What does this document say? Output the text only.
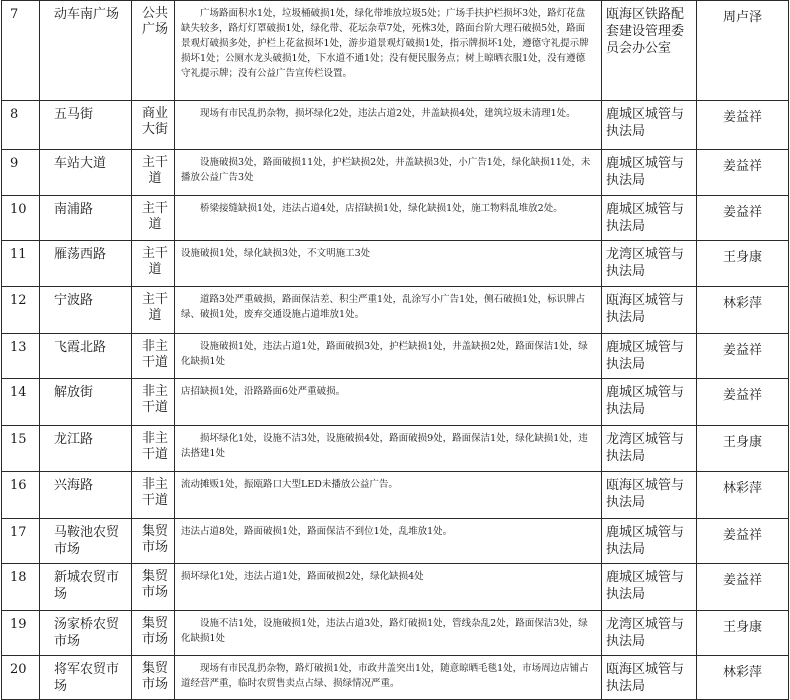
7	动车南广场	公共广场	广场路面积水1处，垃圾桶破损1处，绿化带堆放垃圾5处；广场手扶护栏损坏3处，路灯花盘缺失较多，路灯灯罩破损1处，绿化带、花坛杂草7处，死株3处，路面台阶大理石破损5处，路面景观灯破损多处，护栏上花盆损坏1处，游步道景观灯破损1处，指示牌损坏1处，遵德守礼提示牌损坏1处；公厕水龙头破损1处，下水道不通1处；没有便民服务点；树上晾晒衣服1处，没有遵德守礼提示牌；没有公益广告宣传栏设置。	瓯海区铁路配套建设管理委员会办公室	周卢泽
8	五马街	商业大街	现场有市民乱扔杂物，损坏绿化2处，违法占道2处，井盖缺损4处，建筑垃圾未清理1处。	鹿城区城管与执法局	姜益祥
9	车站大道	主干道	设施破损3处，路面破损11处，护栏缺损2处，井盖缺损3处，小广告1处，绿化缺损11处，未播放公益广告3处	鹿城区城管与执法局	姜益祥
10	南浦路	主干道	桥梁接缝缺损1处，违法占道4处，店招缺损1处，绿化缺损1处，施工物料乱堆放2处。	鹿城区城管与执法局	姜益祥
11	雁荡西路	主干道	设施破损1处，绿化缺损3处，不文明施工3处	龙湾区城管与执法局	王身康
12	宁波路	主干道	道路3处严重破损，路面保洁差、积尘严重1处，乱涂写小广告1处，侧石破损1处，标识牌占绿、破损1处，废弃交通设施占道堆放1处。	瓯海区城管与执法局	林彩萍
13	飞霞北路	非主干道	设施破损1处，违法占道1处，路面破损3处，护栏缺损1处，井盖缺损2处，路面保洁1处，绿化缺损1处	鹿城区城管与执法局	姜益祥
14	解放街	非主干道	店招缺损1处，沿路路面6处严重破损。	鹿城区城管与执法局	姜益祥
15	龙江路	非主干道	损坏绿化1处，设施不洁3处，设施破损4处，路面破损9处，路面保洁1处，绿化缺损1处，违法搭建1处	龙湾区城管与执法局	王身康
16	兴海路	非主干道	流动摊贩1处，振瓯路口大型LED未播放公益广告。	瓯海区城管与执法局	林彩萍
17	马鞍池农贸市场	集贸市场	违法占道8处，路面破损1处，路面保洁不到位1处，乱堆放1处。	鹿城区城管与执法局	姜益祥
18	新城农贸市场	集贸市场	损坏绿化1处，违法占道1处，路面破损2处，绿化缺损4处	鹿城区城管与执法局	姜益祥
19	汤家桥农贸市场	集贸市场	设施不洁1处，设施破损1处，违法占道3处，路灯破损1处，管线杂乱2处，路面保洁3处，绿化缺损1处	龙湾区城管与执法局	王身康
20	将军农贸市场	集贸市场	现场有市民乱扔杂物，路灯破损1处，市政井盖突出1处，随意晾晒毛毯1处，市场周边店铺占道经营严重，临时农贸售卖点占绿、损绿情况严重。	瓯海区城管与执法局	林彩萍
